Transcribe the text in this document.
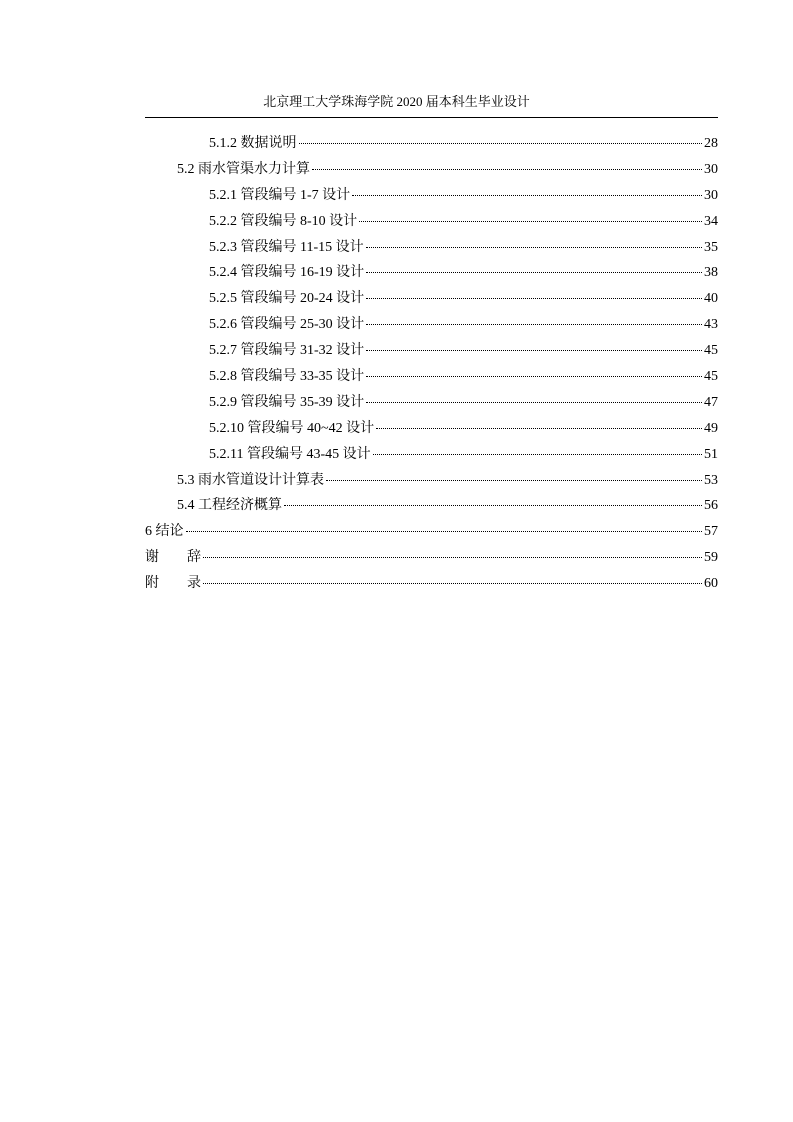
北京理工大学珠海学院 2020 届本科生毕业设计
5.1.2 数据说明	28
5.2 雨水管渠水力计算	30
5.2.1 管段编号 1-7 设计	30
5.2.2 管段编号 8-10 设计	34
5.2.3 管段编号 11-15 设计	35
5.2.4 管段编号 16-19 设计	38
5.2.5 管段编号 20-24 设计	40
5.2.6 管段编号 25-30 设计	43
5.2.7 管段编号 31-32 设计	45
5.2.8 管段编号 33-35 设计	45
5.2.9 管段编号 35-39 设计	47
5.2.10 管段编号 40~42 设计	49
5.2.11 管段编号 43-45 设计	51
5.3 雨水管道设计计算表	53
5.4 工程经济概算	56
6 结论	57
谢　　辞	59
附　　录	60
